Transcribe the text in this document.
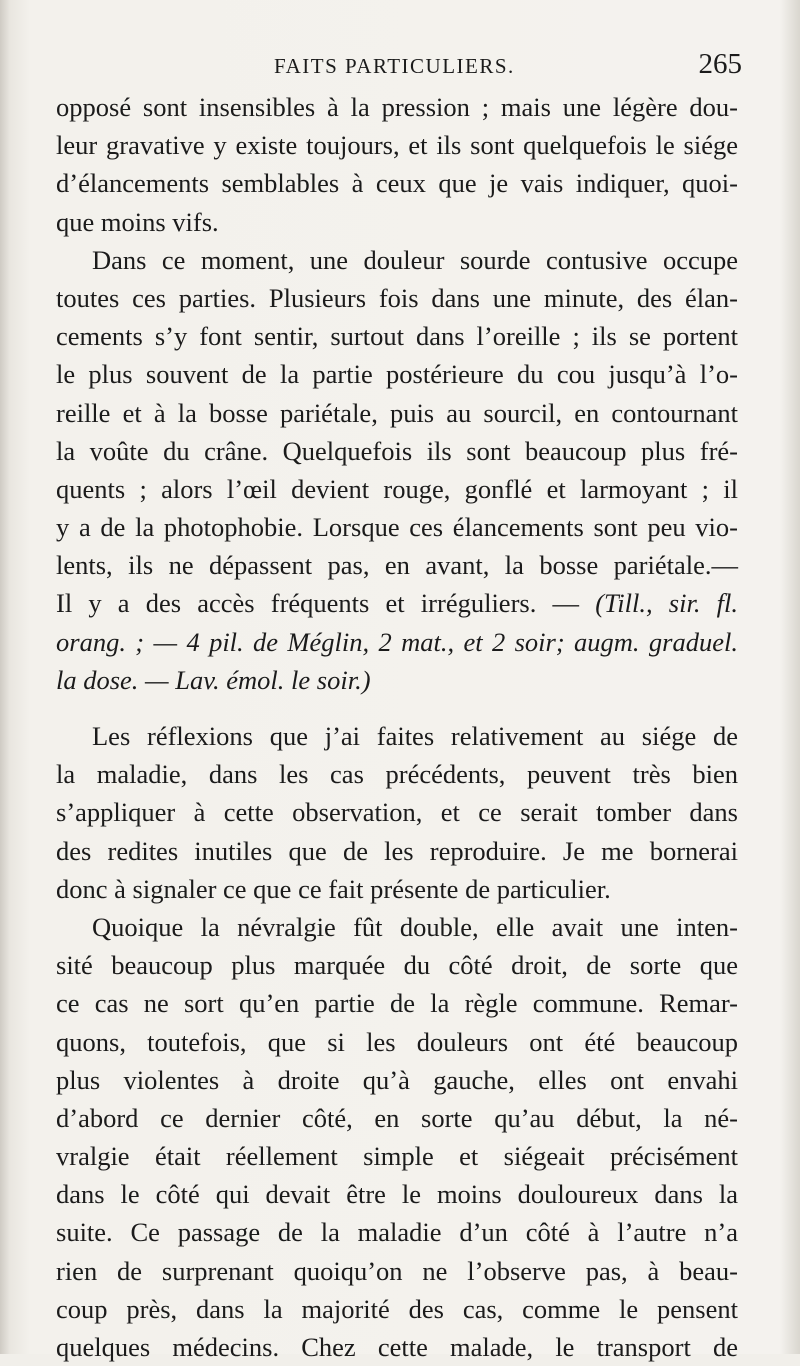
FAITS PARTICULIERS.	265
opposé sont insensibles à la pression ; mais une légère dou-
leur gravative y existe toujours, et ils sont quelquefois le siége
d’élancements semblables à ceux que je vais indiquer, quoi-
que moins vifs.
Dans ce moment, une douleur sourde contusive occupe
toutes ces parties. Plusieurs fois dans une minute, des élan-
cements s’y font sentir, surtout dans l’oreille ; ils se portent
le plus souvent de la partie postérieure du cou jusqu’à l’o-
reille et à la bosse pariétale, puis au sourcil, en contournant
la voûte du crâne. Quelquefois ils sont beaucoup plus fré-
quents ; alors l’œil devient rouge, gonflé et larmoyant ; il
y a de la photophobie. Lorsque ces élancements sont peu vio-
lents, ils ne dépassent pas, en avant, la bosse pariétale.—
Il y a des accès fréquents et irréguliers. — (Till., sir. fl.
orang. ; — 4 pil. de Méglin, 2 mat., et 2 soir; augm. graduel.
la dose. — Lav. émol. le soir.)
Les réflexions que j’ai faites relativement au siége de
la maladie, dans les cas précédents, peuvent très bien
s’appliquer à cette observation, et ce serait tomber dans
des redites inutiles que de les reproduire. Je me bornerai
donc à signaler ce que ce fait présente de particulier.
Quoique la névralgie fût double, elle avait une inten-
sité beaucoup plus marquée du côté droit, de sorte que
ce cas ne sort qu’en partie de la règle commune. Remar-
quons, toutefois, que si les douleurs ont été beaucoup
plus violentes à droite qu’à gauche, elles ont envahi
d’abord ce dernier côté, en sorte qu’au début, la né-
vralgie était réellement simple et siégeait précisément
dans le côté qui devait être le moins douloureux dans la
suite. Ce passage de la maladie d’un côté à l’autre n’a
rien de surprenant quoiqu’on ne l’observe pas, à beau-
coup près, dans la majorité des cas, comme le pensent
quelques médecins. Chez cette malade, le transport de
